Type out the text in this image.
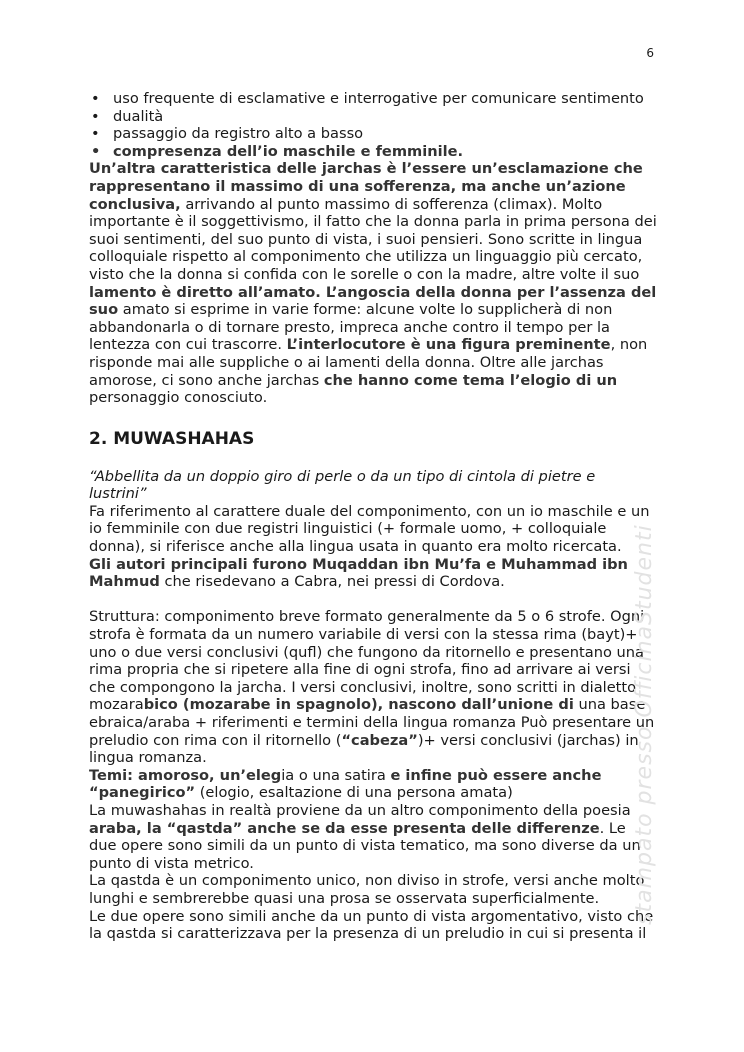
6
• uso frequente di esclamative e interrogative per comunicare sentimento
• dualità
• passaggio da registro alto a basso
• compresenza dell’io maschile e femminile.

Un’altra caratteristica delle jarchas è l’essere un’esclamazione che rappresentano il massimo di una sofferenza, ma anche un’azione conclusiva, arrivando al punto massimo di sofferenza (climax). Molto importante è il soggettivismo, il fatto che la donna parla in prima persona dei suoi sentimenti, del suo punto di vista, i suoi pensieri. Sono scritte in lingua colloquiale rispetto al componimento che utilizza un linguaggio più cercato, visto che la donna si confida con le sorelle o con la madre, altre volte il suo lamento è diretto all’amato. L’angoscia della donna per l’assenza del suo amato si esprime in varie forme: alcune volte lo supplicherà di non abbandonarla o di tornare presto, impreca anche contro il tempo per la lentezza con cui trascorre. L’interlocutore è una figura preminente, non risponde mai alle suppliche o ai lamenti della donna. Oltre alle jarchas amorose, ci sono anche jarchas che hanno come tema l’elogio di un personaggio conosciuto.

2. MUWASHAHAS

“Abbellita da un doppio giro di perle o da un tipo di cintola di pietre e lustrini”

Fa riferimento al carattere duale del componimento, con un io maschile e un io femminile con due registri linguistici (+ formale uomo, + colloquiale donna), si riferisce anche alla lingua usata in quanto era molto ricercata.

Gli autori principali furono Muqaddan ibn Mu’fa e Muhammad ibn Mahmud che risedevano a Cabra, nei pressi di Cordova.

Struttura: componimento breve formato generalmente da 5 o 6 strofe. Ogni strofa è formata da un numero variabile di versi con la stessa rima (bayt)+ uno o due versi conclusivi (qufl) che fungono da ritornello e presentano una rima propria che si ripetere alla fine di ogni strofa, fino ad arrivare ai versi che compongono la jarcha. I versi conclusivi, inoltre, sono scritti in dialetto mozarabico (mozarabe in spagnolo), nascono dall’unione di una base ebraica/araba + riferimenti e termini della lingua romanza Può presentare un preludio con rima con il ritornello (“cabeza”)+ versi conclusivi (jarchas) in lingua romanza.

Temi: amoroso, un’elegia o una satira e infine può essere anche “panegirico” (elogio, esaltazione di una persona amata)

La muwashahas in realtà proviene da un altro componimento della poesia araba, la “qastda” anche se da esse presenta delle differenze. Le due opere sono simili da un punto di vista tematico, ma sono diverse da un punto di vista metrico.

La qastda è un componimento unico, non diviso in strofe, versi anche molto lunghi e sembrerebbe quasi una prosa se osservata superficialmente.

Le due opere sono simili anche da un punto di vista argomentativo, visto che la qastda si caratterizzava per la presenza di un preludio in cui si presenta il

stampato presso OfficinaStudenti
